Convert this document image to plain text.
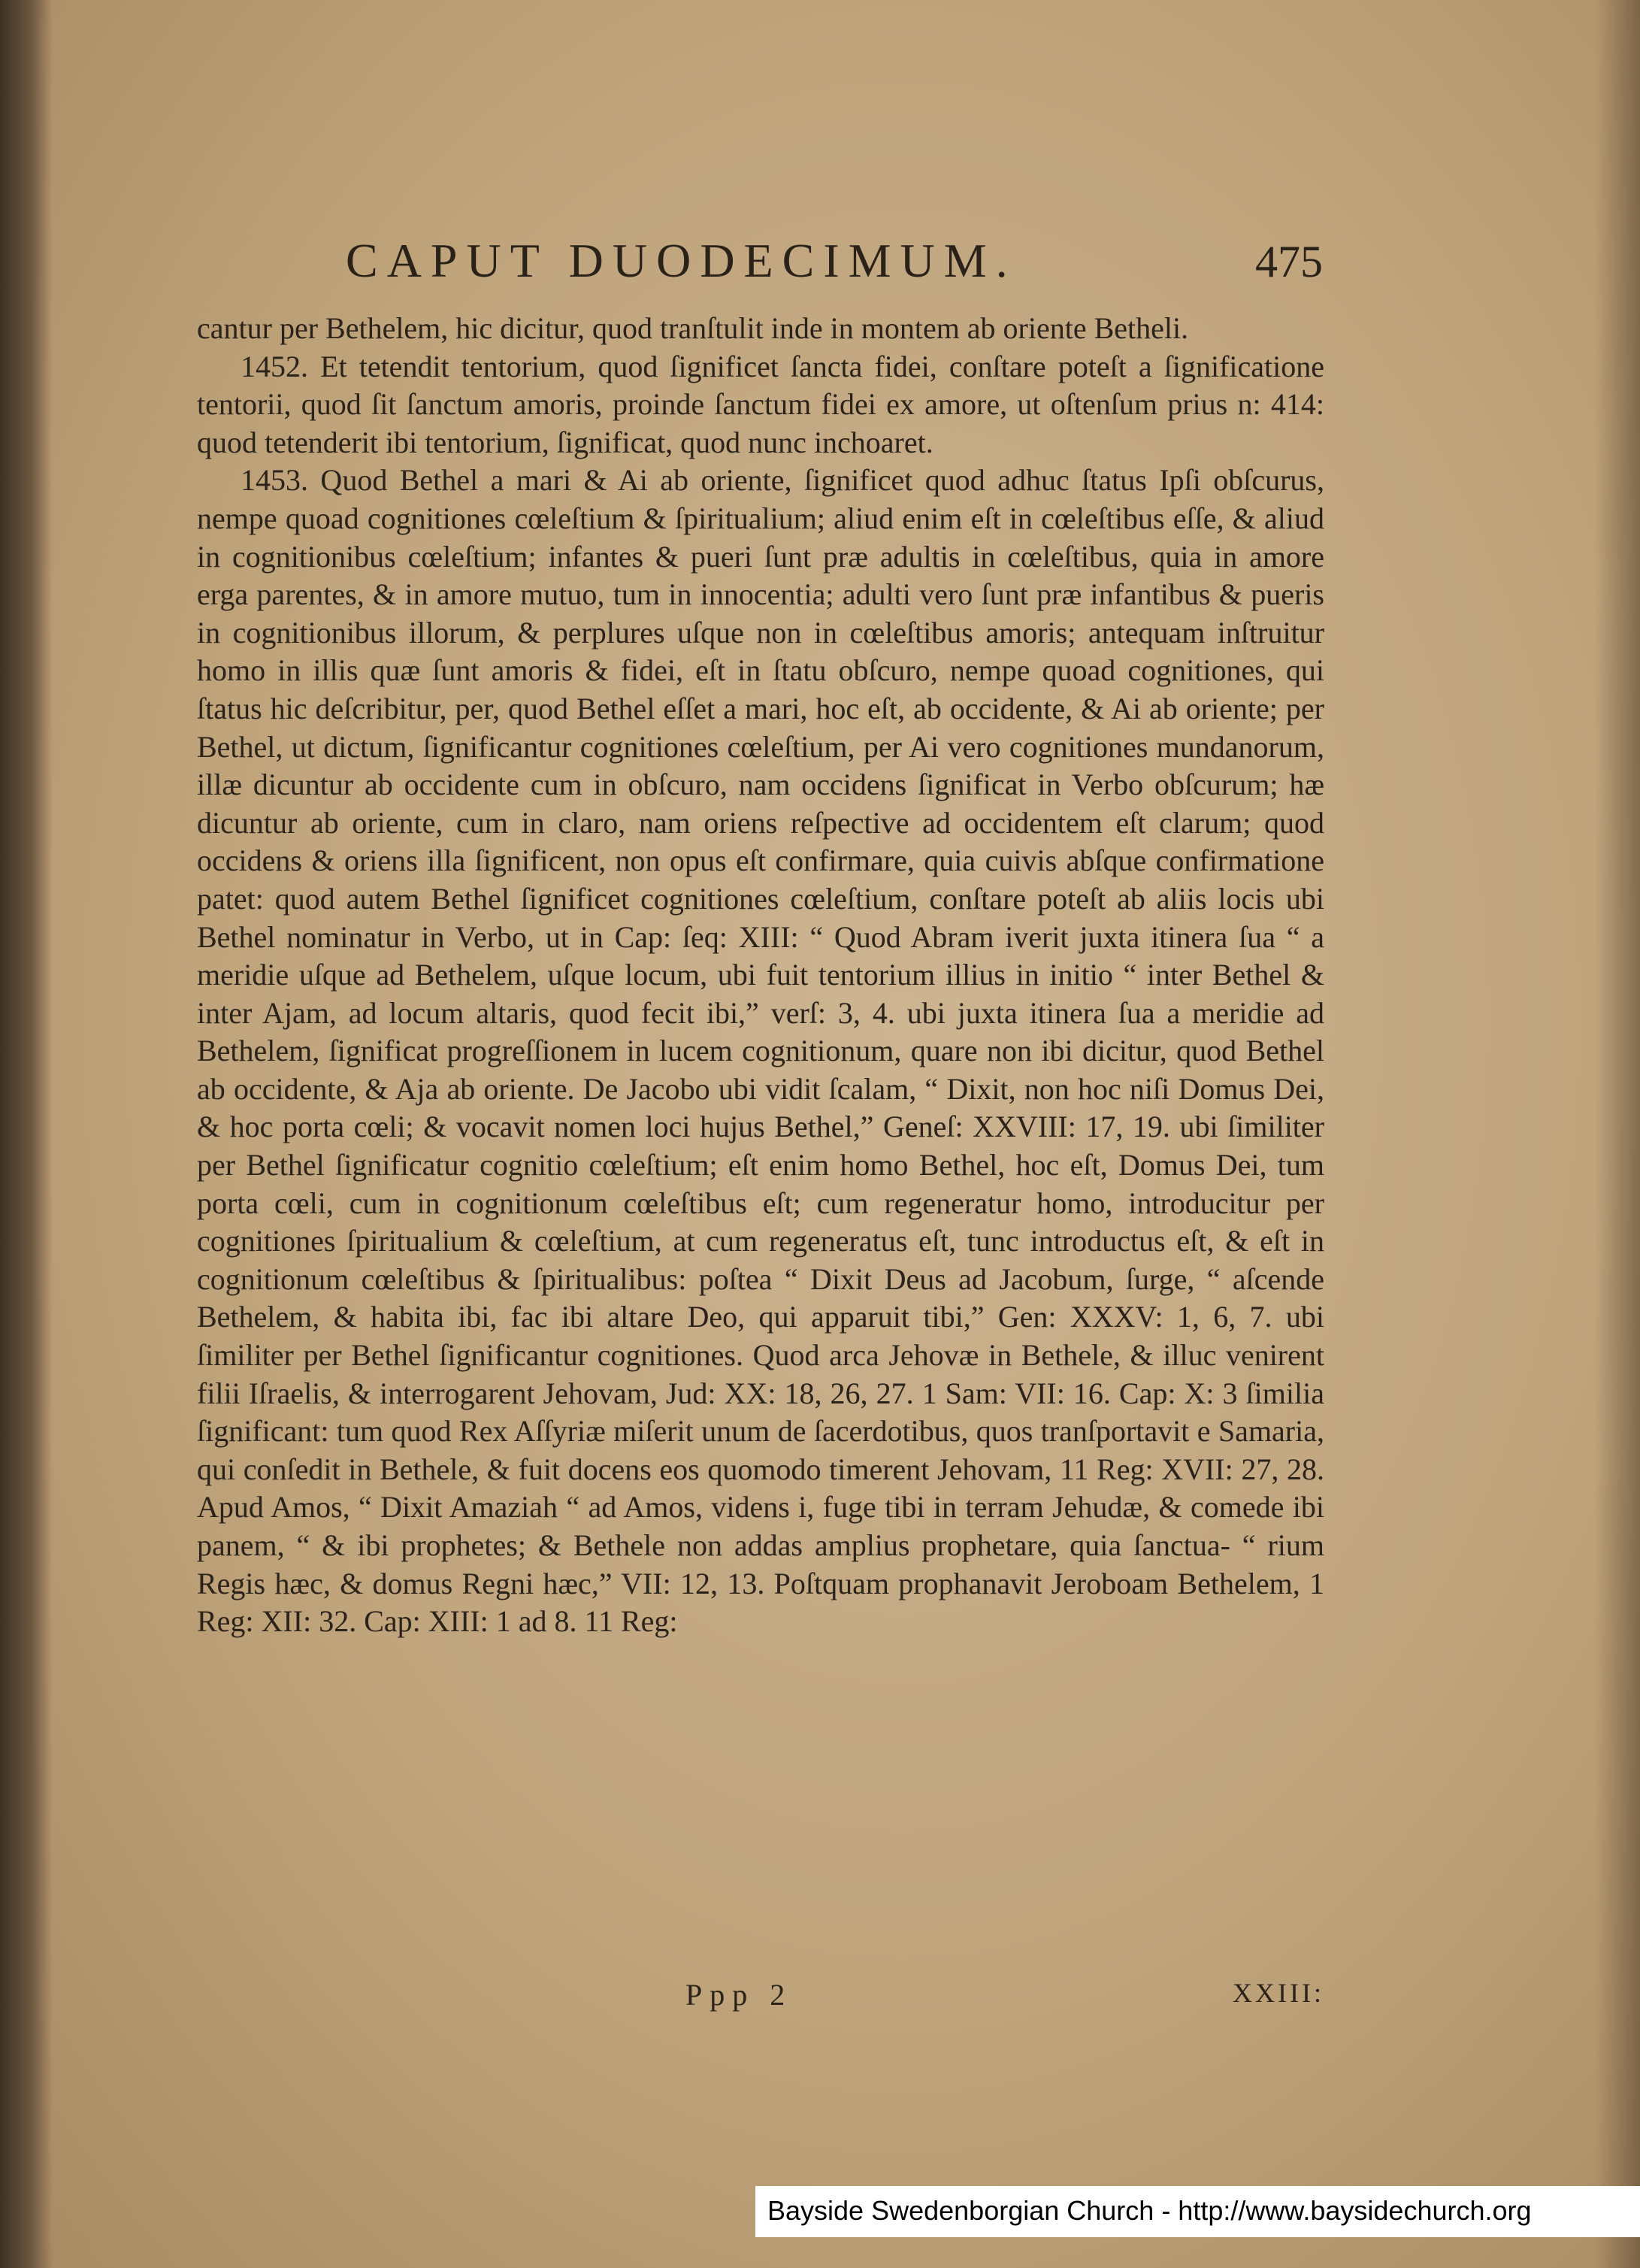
CAPUT DUODECIMUM.	475

cantur per Bethelem, hic dicitur, quod tranſtulit inde in montem ab oriente Betheli.

1452. Et tetendit tentorium, quod ſignificet ſancta fidei, conſtare poteſt a ſignificatione tentorii, quod ſit ſanctum amoris, proinde ſanctum fidei ex amore, ut oſtenſum prius n: 414: quod tetenderit ibi tentorium, ſignificat, quod nunc inchoaret.

1453. Quod Bethel a mari & Ai ab oriente, ſignificet quod adhuc ſtatus Ipſi obſcurus, nempe quoad cognitiones cœleſtium & ſpiritualium; aliud enim eſt in cœleſtibus eſſe, & aliud in cognitionibus cœleſtium; infantes & pueri ſunt præ adultis in cœleſtibus, quia in amore erga parentes, & in amore mutuo, tum in innocentia; adulti vero ſunt præ infantibus & pueris in cognitionibus illorum, & perplures uſque non in cœleſtibus amoris; antequam inſtruitur homo in illis quæ ſunt amoris & fidei, eſt in ſtatu obſcuro, nempe quoad cognitiones, qui ſtatus hic deſcribitur, per, quod Bethel eſſet a mari, hoc eſt, ab occidente, & Ai ab oriente; per Bethel, ut dictum, ſignificantur cognitiones cœleſtium, per Ai vero cognitiones mundanorum, illæ dicuntur ab occidente cum in obſcuro, nam occidens ſignificat in Verbo obſcurum; hæ dicuntur ab oriente, cum in claro, nam oriens reſpective ad occidentem eſt clarum; quod occidens & oriens illa ſignificent, non opus eſt confirmare, quia cuivis abſque confirmatione patet: quod autem Bethel ſignificet cognitiones cœleſtium, conſtare poteſt ab aliis locis ubi Bethel nominatur in Verbo, ut in Cap: ſeq: XIII: “ Quod Abram iverit juxta itinera ſua “ a meridie uſque ad Bethelem, uſque locum, ubi fuit tentorium illius in initio “ inter Bethel & inter Ajam, ad locum altaris, quod fecit ibi,” verſ: 3, 4. ubi juxta itinera ſua a meridie ad Bethelem, ſignificat progreſſionem in lucem cognitionum, quare non ibi dicitur, quod Bethel ab occidente, & Aja ab oriente. De Jacobo ubi vidit ſcalam, “ Dixit, non hoc niſi Domus Dei, & hoc porta cœli; & vocavit nomen loci hujus Bethel,” Geneſ: XXVIII: 17, 19. ubi ſimiliter per Bethel ſignificatur cognitio cœleſtium; eſt enim homo Bethel, hoc eſt, Domus Dei, tum porta cœli, cum in cognitionum cœleſtibus eſt; cum regeneratur homo, introducitur per cognitiones ſpiritualium & cœleſtium, at cum regeneratus eſt, tunc introductus eſt, & eſt in cognitionum cœleſtibus & ſpiritualibus: poſtea “ Dixit Deus ad Jacobum, ſurge, “ aſcende Bethelem, & habita ibi, fac ibi altare Deo, qui apparuit tibi,” Gen: XXXV: 1, 6, 7. ubi ſimiliter per Bethel ſignificantur cognitiones. Quod arca Jehovæ in Bethele, & illuc venirent filii Iſraelis, & interrogarent Jehovam, Jud: XX: 18, 26, 27. 1 Sam: VII: 16. Cap: X: 3 ſimilia ſignificant: tum quod Rex Aſſyriæ miſerit unum de ſacerdotibus, quos tranſportavit e Samaria, qui conſedit in Bethele, & fuit docens eos quomodo timerent Jehovam, 11 Reg: XVII: 27, 28. Apud Amos, “ Dixit Amaziah “ ad Amos, videns i, fuge tibi in terram Jehudæ, & comede ibi panem, “ & ibi prophetes; & Bethele non addas amplius prophetare, quia ſanctua- “ rium Regis hæc, & domus Regni hæc,” VII: 12, 13. Poſtquam prophanavit Jeroboam Bethelem, 1 Reg: XII: 32. Cap: XIII: 1 ad 8. 11 Reg:

Ppp 2	XXIII:
Bayside Swedenborgian Church - http://www.baysidechurch.org
